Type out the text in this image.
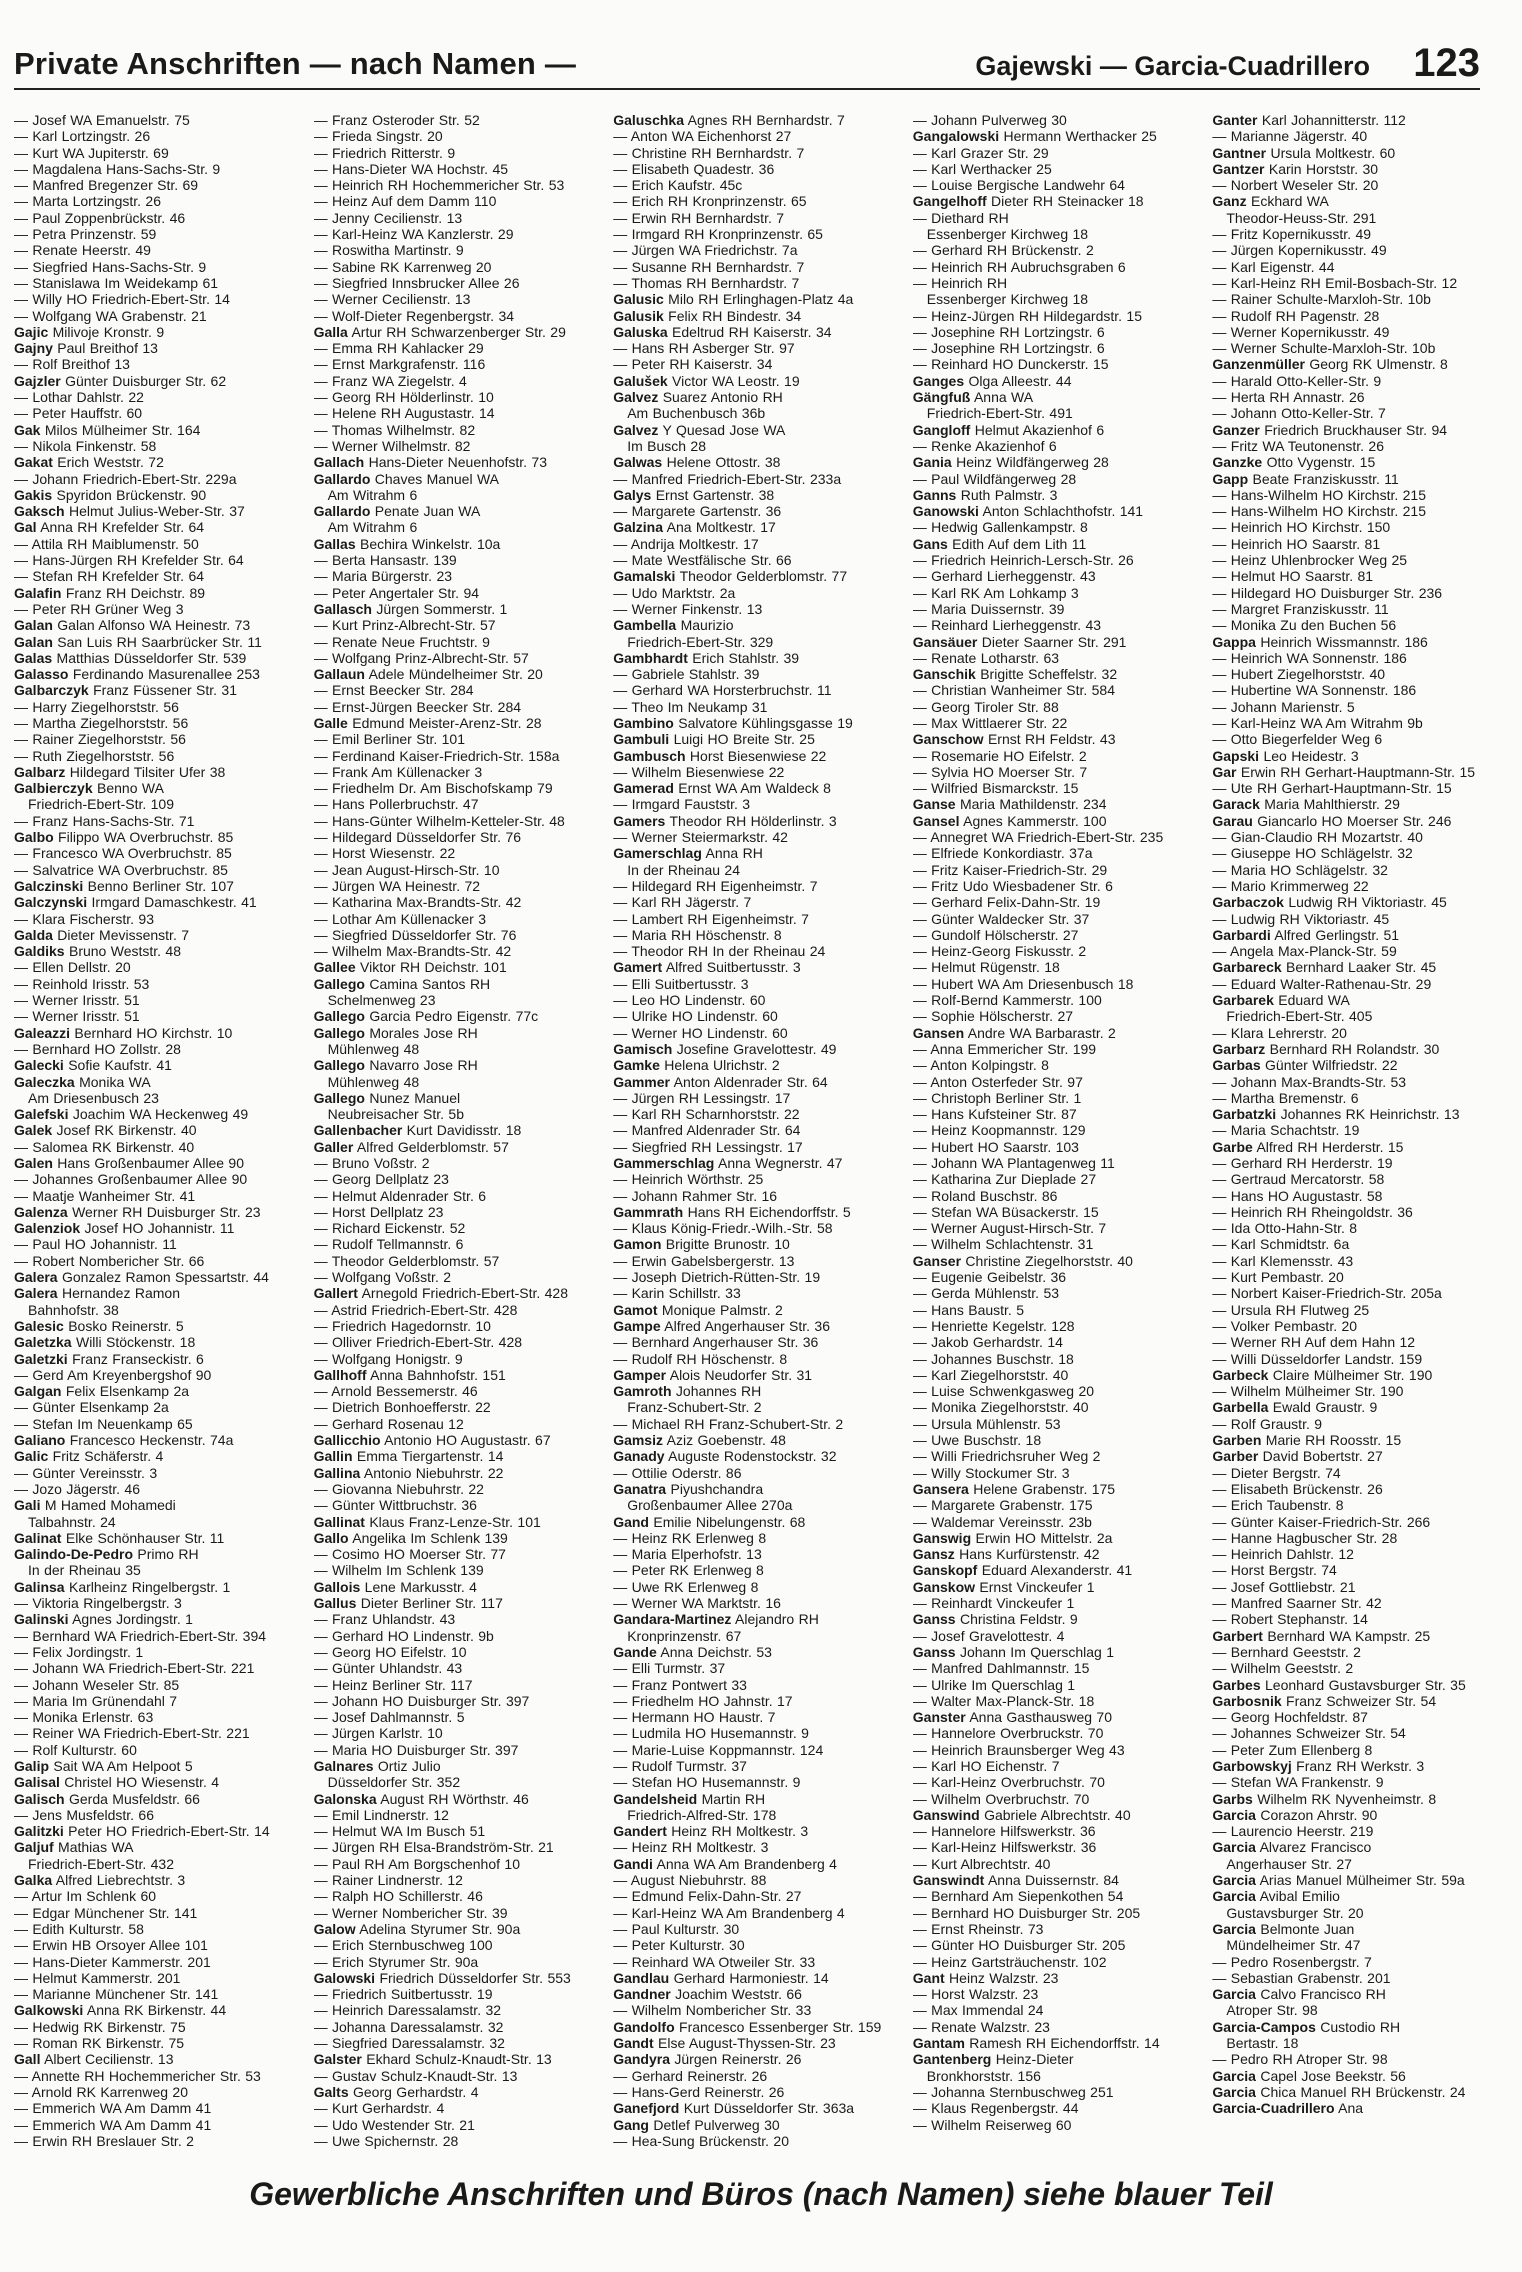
Private Anschriften — nach Namen —	Gajewski — Garcia-Cuadrillero 123
— Josef WA Emanuelstr. 75
— Karl Lortzingstr. 26
— Kurt WA Jupiterstr. 69
— Magdalena Hans-Sachs-Str. 9
— Manfred Bregenzer Str. 69
— Marta Lortzingstr. 26
— Paul Zoppenbrückstr. 46
— Petra Prinzenstr. 59
— Renate Heerstr. 49
— Siegfried Hans-Sachs-Str. 9
— Stanislawa Im Weidekamp 61
— Willy HO Friedrich-Ebert-Str. 14
— Wolfgang WA Grabenstr. 21
Gajic Milivoje Kronstr. 9
Gajny Paul Breithof 13
— Rolf Breithof 13
Gajzler Günter Duisburger Str. 62
— Lothar Dahlstr. 22
— Peter Hauffstr. 60
Gak Milos Mülheimer Str. 164
— Nikola Finkenstr. 58
Gakat Erich Weststr. 72
— Johann Friedrich-Ebert-Str. 229a
Gakis Spyridon Brückenstr. 90
Gaksch Helmut Julius-Weber-Str. 37
Gal Anna RH Krefelder Str. 64
— Attila RH Maiblumenstr. 50
— Hans-Jürgen RH Krefelder Str. 64
— Stefan RH Krefelder Str. 64
Galafin Franz RH Deichstr. 89
— Peter RH Grüner Weg 3
Galan Galan Alfonso WA Heinestr. 73
Galan San Luis RH Saarbrücker Str. 11
Galas Matthias Düsseldorfer Str. 539
Galasso Ferdinando Masurenallee 253
Galbarczyk Franz Füssener Str. 31
— Harry Ziegelhorststr. 56
— Martha Ziegelhorststr. 56
— Rainer Ziegelhorststr. 56
— Ruth Ziegelhorststr. 56
Galbarz Hildegard Tilsiter Ufer 38
Galbierczyk Benno WA
Friedrich-Ebert-Str. 109
— Franz Hans-Sachs-Str. 71
Galbo Filippo WA Overbruchstr. 85
— Francesco WA Overbruchstr. 85
— Salvatrice WA Overbruchstr. 85
Galczinski Benno Berliner Str. 107
Galczynski Irmgard Damaschkestr. 41
— Klara Fischerstr. 93
Galda Dieter Mevissenstr. 7
Galdiks Bruno Weststr. 48
— Ellen Dellstr. 20
— Reinhold Irisstr. 53
— Werner Irisstr. 51
— Werner Irisstr. 51
Galeazzi Bernhard HO Kirchstr. 10
— Bernhard HO Zollstr. 28
Galecki Sofie Kaufstr. 41
Galeczka Monika WA
Am Driesenbusch 23
Galefski Joachim WA Heckenweg 49
Galek Josef RK Birkenstr. 40
— Salomea RK Birkenstr. 40
Galen Hans Großenbaumer Allee 90
— Johannes Großenbaumer Allee 90
— Maatje Wanheimer Str. 41
Galenza Werner RH Duisburger Str. 23
Galenziok Josef HO Johannistr. 11
— Paul HO Johannistr. 11
— Robert Nombericher Str. 66
Galera Gonzalez Ramon Spessartstr. 44
Galera Hernandez Ramon
Bahnhofstr. 38
Galesic Bosko Reinerstr. 5
Galetzka Willi Stöckenstr. 18
Galetzki Franz Franseckistr. 6
— Gerd Am Kreyenbergshof 90
Galgan Felix Elsenkamp 2a
— Günter Elsenkamp 2a
— Stefan Im Neuenkamp 65
Galiano Francesco Heckenstr. 74a
Galic Fritz Schäferstr. 4
— Günter Vereinsstr. 3
— Jozo Jägerstr. 46
Gali M Hamed Mohamedi
Talbahnstr. 24
Galinat Elke Schönhauser Str. 11
Galindo-De-Pedro Primo RH
In der Rheinau 35
Galinsa Karlheinz Ringelbergstr. 1
— Viktoria Ringelbergstr. 3
Galinski Agnes Jordingstr. 1
— Bernhard WA Friedrich-Ebert-Str. 394
— Felix Jordingstr. 1
— Johann WA Friedrich-Ebert-Str. 221
— Johann Weseler Str. 85
— Maria Im Grünendahl 7
— Monika Erlenstr. 63
— Reiner WA Friedrich-Ebert-Str. 221
— Rolf Kulturstr. 60
Galip Sait WA Am Helpoot 5
Galisal Christel HO Wiesenstr. 4
Galisch Gerda Musfeldstr. 66
— Jens Musfeldstr. 66
Galitzki Peter HO Friedrich-Ebert-Str. 14
Galjuf Mathias WA
Friedrich-Ebert-Str. 432
Galka Alfred Liebrechtstr. 3
— Artur Im Schlenk 60
— Edgar Münchener Str. 141
— Edith Kulturstr. 58
— Erwin HB Orsoyer Allee 101
— Hans-Dieter Kammerstr. 201
— Helmut Kammerstr. 201
— Marianne Münchener Str. 141
Galkowski Anna RK Birkenstr. 44
— Hedwig RK Birkenstr. 75
— Roman RK Birkenstr. 75
Gall Albert Cecilienstr. 13
— Annette RH Hochemmericher Str. 53
— Arnold RK Karrenweg 20
— Emmerich WA Am Damm 41
— Emmerich WA Am Damm 41
— Erwin RH Breslauer Str. 2
— Franz Osteroder Str. 52
— Frieda Singstr. 20
— Friedrich Ritterstr. 9
— Hans-Dieter WA Hochstr. 45
— Heinrich RH Hochemmericher Str. 53
— Heinz Auf dem Damm 110
— Jenny Cecilienstr. 13
— Karl-Heinz WA Kanzlerstr. 29
— Roswitha Martinstr. 9
— Sabine RK Karrenweg 20
— Siegfried Innsbrucker Allee 26
— Werner Cecilienstr. 13
— Wolf-Dieter Regenbergstr. 34
Galla Artur RH Schwarzenberger Str. 29
— Emma RH Kahlacker 29
— Ernst Markgrafenstr. 116
— Franz WA Ziegelstr. 4
— Georg RH Hölderlinstr. 10
— Helene RH Augustastr. 14
— Thomas Wilhelmstr. 82
— Werner Wilhelmstr. 82
Gallach Hans-Dieter Neuenhofstr. 73
Gallardo Chaves Manuel WA
Am Witrahm 6
Gallardo Penate Juan WA
Am Witrahm 6
Gallas Bechira Winkelstr. 10a
— Berta Hansastr. 139
— Maria Bürgerstr. 23
— Peter Angertaler Str. 94
Gallasch Jürgen Sommerstr. 1
— Kurt Prinz-Albrecht-Str. 57
— Renate Neue Fruchtstr. 9
— Wolfgang Prinz-Albrecht-Str. 57
Gallaun Adele Mündelheimer Str. 20
— Ernst Beecker Str. 284
— Ernst-Jürgen Beecker Str. 284
Galle Edmund Meister-Arenz-Str. 28
— Emil Berliner Str. 101
— Ferdinand Kaiser-Friedrich-Str. 158a
— Frank Am Küllenacker 3
— Friedhelm Dr. Am Bischofskamp 79
— Hans Pollerbruchstr. 47
— Hans-Günter Wilhelm-Ketteler-Str. 48
— Hildegard Düsseldorfer Str. 76
— Horst Wiesenstr. 22
— Jean August-Hirsch-Str. 10
— Jürgen WA Heinestr. 72
— Katharina Max-Brandts-Str. 42
— Lothar Am Küllenacker 3
— Siegfried Düsseldorfer Str. 76
— Wilhelm Max-Brandts-Str. 42
Gallee Viktor RH Deichstr. 101
Gallego Camina Santos RH
Schelmenweg 23
Gallego Garcia Pedro Eigenstr. 77c
Gallego Morales Jose RH
Mühlenweg 48
Gallego Navarro Jose RH
Mühlenweg 48
Gallego Nunez Manuel
Neubreisacher Str. 5b
Gallenbacher Kurt Davidisstr. 18
Galler Alfred Gelderblomstr. 57
— Bruno Voßstr. 2
— Georg Dellplatz 23
— Helmut Aldenrader Str. 6
— Horst Dellplatz 23
— Richard Eickenstr. 52
— Rudolf Tellmannstr. 6
— Theodor Gelderblomstr. 57
— Wolfgang Voßstr. 2
Gallert Arnegold Friedrich-Ebert-Str. 428
— Astrid Friedrich-Ebert-Str. 428
— Friedrich Hagedornstr. 10
— Olliver Friedrich-Ebert-Str. 428
— Wolfgang Honigstr. 9
Gallhoff Anna Bahnhofstr. 151
— Arnold Bessemerstr. 46
— Dietrich Bonhoefferstr. 22
— Gerhard Rosenau 12
Gallicchio Antonio HO Augustastr. 67
Gallin Emma Tiergartenstr. 14
Gallina Antonio Niebuhrstr. 22
— Giovanna Niebuhrstr. 22
— Günter Wittbruchstr. 36
Gallinat Klaus Franz-Lenze-Str. 101
Gallo Angelika Im Schlenk 139
— Cosimo HO Moerser Str. 77
— Wilhelm Im Schlenk 139
Gallois Lene Markusstr. 4
Gallus Dieter Berliner Str. 117
— Franz Uhlandstr. 43
— Gerhard HO Lindenstr. 9b
— Georg HO Eifelstr. 10
— Günter Uhlandstr. 43
— Heinz Berliner Str. 117
— Johann HO Duisburger Str. 397
— Josef Dahlmannstr. 5
— Jürgen Karlstr. 10
— Maria HO Duisburger Str. 397
Galnares Ortiz Julio
Düsseldorfer Str. 352
Galonska August RH Wörthstr. 46
— Emil Lindnerstr. 12
— Helmut WA Im Busch 51
— Jürgen RH Elsa-Brandström-Str. 21
— Paul RH Am Borgschenhof 10
— Rainer Lindnerstr. 12
— Ralph HO Schillerstr. 46
— Werner Nombericher Str. 39
Galow Adelina Styrumer Str. 90a
— Erich Sternbuschweg 100
— Erich Styrumer Str. 90a
Galowski Friedrich Düsseldorfer Str. 553
— Friedrich Suitbertusstr. 19
— Heinrich Daressalamstr. 32
— Johanna Daressalamstr. 32
— Siegfried Daressalamstr. 32
Galster Ekhard Schulz-Knaudt-Str. 13
— Gustav Schulz-Knaudt-Str. 13
Galts Georg Gerhardstr. 4
— Kurt Gerhardstr. 4
— Udo Westender Str. 21
— Uwe Spichernstr. 28
Galuschka Agnes RH Bernhardstr. 7
— Anton WA Eichenhorst 27
— Christine RH Bernhardstr. 7
— Elisabeth Quadestr. 36
— Erich Kaufstr. 45c
— Erich RH Kronprinzenstr. 65
— Erwin RH Bernhardstr. 7
— Irmgard RH Kronprinzenstr. 65
— Jürgen WA Friedrichstr. 7a
— Susanne RH Bernhardstr. 7
— Thomas RH Bernhardstr. 7
Galusic Milo RH Erlinghagen-Platz 4a
Galusik Felix RH Bindestr. 34
Galuska Edeltrud RH Kaiserstr. 34
— Hans RH Asberger Str. 97
— Peter RH Kaiserstr. 34
Galušek Victor WA Leostr. 19
Galvez Suarez Antonio RH
Am Buchenbusch 36b
Galvez Y Quesad Jose WA
Im Busch 28
Galwas Helene Ottostr. 38
— Manfred Friedrich-Ebert-Str. 233a
Galys Ernst Gartenstr. 38
— Margarete Gartenstr. 36
Galzina Ana Moltkestr. 17
— Andrija Moltkestr. 17
— Mate Westfälische Str. 66
Gamalski Theodor Gelderblomstr. 77
— Udo Marktstr. 2a
— Werner Finkenstr. 13
Gambella Maurizio
Friedrich-Ebert-Str. 329
Gambhardt Erich Stahlstr. 39
— Gabriele Stahlstr. 39
— Gerhard WA Horsterbruchstr. 11
— Theo Im Neukamp 31
Gambino Salvatore Kühlingsgasse 19
Gambuli Luigi HO Breite Str. 25
Gambusch Horst Biesenwiese 22
— Wilhelm Biesenwiese 22
Gamerad Ernst WA Am Waldeck 8
— Irmgard Fauststr. 3
Gamers Theodor RH Hölderlinstr. 3
— Werner Steiermarkstr. 42
Gamerschlag Anna RH
In der Rheinau 24
— Hildegard RH Eigenheimstr. 7
— Karl RH Jägerstr. 7
— Lambert RH Eigenheimstr. 7
— Maria RH Höschenstr. 8
— Theodor RH In der Rheinau 24
Gamert Alfred Suitbertusstr. 3
— Elli Suitbertusstr. 3
— Leo HO Lindenstr. 60
— Ulrike HO Lindenstr. 60
— Werner HO Lindenstr. 60
Gamisch Josefine Gravelottestr. 49
Gamke Helena Ulrichstr. 2
Gammer Anton Aldenrader Str. 64
— Jürgen RH Lessingstr. 17
— Karl RH Scharnhorststr. 22
— Manfred Aldenrader Str. 64
— Siegfried RH Lessingstr. 17
Gammerschlag Anna Wegnerstr. 47
— Heinrich Wörthstr. 25
— Johann Rahmer Str. 16
Gammrath Hans RH Eichendorffstr. 5
— Klaus König-Friedr.-Wilh.-Str. 58
Gamon Brigitte Brunostr. 10
— Erwin Gabelsbergerstr. 13
— Joseph Dietrich-Rütten-Str. 19
— Karin Schillstr. 33
Gamot Monique Palmstr. 2
Gampe Alfred Angerhauser Str. 36
— Bernhard Angerhauser Str. 36
— Rudolf RH Höschenstr. 8
Gamper Alois Neudorfer Str. 31
Gamroth Johannes RH
Franz-Schubert-Str. 2
— Michael RH Franz-Schubert-Str. 2
Gamsiz Aziz Goebenstr. 48
Ganady Auguste Rodenstockstr. 32
— Ottilie Oderstr. 86
Ganatra Piyushchandra
Großenbaumer Allee 270a
Gand Emilie Nibelungenstr. 68
— Heinz RK Erlenweg 8
— Maria Elperhofstr. 13
— Peter RK Erlenweg 8
— Uwe RK Erlenweg 8
— Werner WA Marktstr. 16
Gandara-Martinez Alejandro RH
Kronprinzenstr. 67
Gande Anna Deichstr. 53
— Elli Turmstr. 37
— Franz Pontwert 33
— Friedhelm HO Jahnstr. 17
— Hermann HO Haustr. 7
— Ludmila HO Husemannstr. 9
— Marie-Luise Koppmannstr. 124
— Rudolf Turmstr. 37
— Stefan HO Husemannstr. 9
Gandelsheid Martin RH
Friedrich-Alfred-Str. 178
Gandert Heinz RH Moltkestr. 3
— Heinz RH Moltkestr. 3
Gandi Anna WA Am Brandenberg 4
— August Niebuhrstr. 88
— Edmund Felix-Dahn-Str. 27
— Karl-Heinz WA Am Brandenberg 4
— Paul Kulturstr. 30
— Peter Kulturstr. 30
— Reinhard WA Otweiler Str. 33
Gandlau Gerhard Harmoniestr. 14
Gandner Joachim Weststr. 66
— Wilhelm Nombericher Str. 33
Gandolfo Francesco Essenberger Str. 159
Gandt Else August-Thyssen-Str. 23
Gandyra Jürgen Reinerstr. 26
— Gerhard Reinerstr. 26
— Hans-Gerd Reinerstr. 26
Ganefjord Kurt Düsseldorfer Str. 363a
Gang Detlef Pulverweg 30
— Hea-Sung Brückenstr. 20
— Johann Pulverweg 30
Gangalowski Hermann Werthacker 25
— Karl Grazer Str. 29
— Karl Werthacker 25
— Louise Bergische Landwehr 64
Gangelhoff Dieter RH Steinacker 18
— Diethard RH
Essenberger Kirchweg 18
— Gerhard RH Brückenstr. 2
— Heinrich RH Aubruchsgraben 6
— Heinrich RH
Essenberger Kirchweg 18
— Heinz-Jürgen RH Hildegardstr. 15
— Josephine RH Lortzingstr. 6
— Josephine RH Lortzingstr. 6
— Reinhard HO Dunckerstr. 15
Ganges Olga Alleestr. 44
Gängfuß Anna WA
Friedrich-Ebert-Str. 491
Gangloff Helmut Akazienhof 6
— Renke Akazienhof 6
Gania Heinz Wildfängerweg 28
— Paul Wildfängerweg 28
Ganns Ruth Palmstr. 3
Ganowski Anton Schlachthofstr. 141
— Hedwig Gallenkampstr. 8
Gans Edith Auf dem Lith 11
— Friedrich Heinrich-Lersch-Str. 26
— Gerhard Lierheggenstr. 43
— Karl RK Am Lohkamp 3
— Maria Duissernstr. 39
— Reinhard Lierheggenstr. 43
Gansäuer Dieter Saarner Str. 291
— Renate Lotharstr. 63
Ganschik Brigitte Scheffelstr. 32
— Christian Wanheimer Str. 584
— Georg Tiroler Str. 88
— Max Wittlaerer Str. 22
Ganschow Ernst RH Feldstr. 43
— Rosemarie HO Eifelstr. 2
— Sylvia HO Moerser Str. 7
— Wilfried Bismarckstr. 15
Ganse Maria Mathildenstr. 234
Gansel Agnes Kammerstr. 100
— Annegret WA Friedrich-Ebert-Str. 235
— Elfriede Konkordiastr. 37a
— Fritz Kaiser-Friedrich-Str. 29
— Fritz Udo Wiesbadener Str. 6
— Gerhard Felix-Dahn-Str. 19
— Günter Waldecker Str. 37
— Gundolf Hölscherstr. 27
— Heinz-Georg Fiskusstr. 2
— Helmut Rügenstr. 18
— Hubert WA Am Driesenbusch 18
— Rolf-Bernd Kammerstr. 100
— Sophie Hölscherstr. 27
Gansen Andre WA Barbarastr. 2
— Anna Emmericher Str. 199
— Anton Kolpingstr. 8
— Anton Osterfeder Str. 97
— Christoph Berliner Str. 1
— Hans Kufsteiner Str. 87
— Heinz Koopmannstr. 129
— Hubert HO Saarstr. 103
— Johann WA Plantagenweg 11
— Katharina Zur Dieplade 27
— Roland Buschstr. 86
— Stefan WA Büsackerstr. 15
— Werner August-Hirsch-Str. 7
— Wilhelm Schlachtenstr. 31
Ganser Christine Ziegelhorststr. 40
— Eugenie Geibelstr. 36
— Gerda Mühlenstr. 53
— Hans Baustr. 5
— Henriette Kegelstr. 128
— Jakob Gerhardstr. 14
— Johannes Buschstr. 18
— Karl Ziegelhorststr. 40
— Luise Schwenkgasweg 20
— Monika Ziegelhorststr. 40
— Ursula Mühlenstr. 53
— Uwe Buschstr. 18
— Willi Friedrichsruher Weg 2
— Willy Stockumer Str. 3
Gansera Helene Grabenstr. 175
— Margarete Grabenstr. 175
— Waldemar Vereinsstr. 23b
Ganswig Erwin HO Mittelstr. 2a
Gansz Hans Kurfürstenstr. 42
Ganskopf Eduard Alexanderstr. 41
Ganskow Ernst Vinckeufer 1
— Reinhardt Vinckeufer 1
Ganss Christina Feldstr. 9
— Josef Gravelottestr. 4
Ganss Johann Im Querschlag 1
— Manfred Dahlmannstr. 15
— Ulrike Im Querschlag 1
— Walter Max-Planck-Str. 18
Ganster Anna Gasthausweg 70
— Hannelore Overbruckstr. 70
— Heinrich Braunsberger Weg 43
— Karl HO Eichenstr. 7
— Karl-Heinz Overbruchstr. 70
— Wilhelm Overbruchstr. 70
Ganswind Gabriele Albrechtstr. 40
— Hannelore Hilfswerkstr. 36
— Karl-Heinz Hilfswerkstr. 36
— Kurt Albrechtstr. 40
Ganswindt Anna Duissernstr. 84
— Bernhard Am Siepenkothen 54
— Bernhard HO Duisburger Str. 205
— Ernst Rheinstr. 73
— Günter HO Duisburger Str. 205
— Heinz Gartsträuchenstr. 102
Gant Heinz Walzstr. 23
— Horst Walzstr. 23
— Max Immendal 24
— Renate Walzstr. 23
Gantam Ramesh RH Eichendorffstr. 14
Gantenberg Heinz-Dieter
Bronkhorststr. 156
— Johanna Sternbuschweg 251
— Klaus Regenbergstr. 44
— Wilhelm Reiserweg 60
Ganter Karl Johannitterstr. 112
— Marianne Jägerstr. 40
Gantner Ursula Moltkestr. 60
Gantzer Karin Horststr. 30
— Norbert Weseler Str. 20
Ganz Eckhard WA
Theodor-Heuss-Str. 291
— Fritz Kopernikusstr. 49
— Jürgen Kopernikusstr. 49
— Karl Eigenstr. 44
— Karl-Heinz RH Emil-Bosbach-Str. 12
— Rainer Schulte-Marxloh-Str. 10b
— Rudolf RH Pagenstr. 28
— Werner Kopernikusstr. 49
— Werner Schulte-Marxloh-Str. 10b
Ganzenmüller Georg RK Ulmenstr. 8
— Harald Otto-Keller-Str. 9
— Herta RH Annastr. 26
— Johann Otto-Keller-Str. 7
Ganzer Friedrich Bruckhauser Str. 94
— Fritz WA Teutonenstr. 26
Ganzke Otto Vygenstr. 15
Gapp Beate Franziskusstr. 11
— Hans-Wilhelm HO Kirchstr. 215
— Hans-Wilhelm HO Kirchstr. 215
— Heinrich HO Kirchstr. 150
— Heinrich HO Saarstr. 81
— Heinz Uhlenbrocker Weg 25
— Helmut HO Saarstr. 81
— Hildegard HO Duisburger Str. 236
— Margret Franziskusstr. 11
— Monika Zu den Buchen 56
Gappa Heinrich Wissmannstr. 186
— Heinrich WA Sonnenstr. 186
— Hubert Ziegelhorststr. 40
— Hubertine WA Sonnenstr. 186
— Johann Marienstr. 5
— Karl-Heinz WA Am Witrahm 9b
— Otto Biegerfelder Weg 6
Gapski Leo Heidestr. 3
Gar Erwin RH Gerhart-Hauptmann-Str. 15
— Ute RH Gerhart-Hauptmann-Str. 15
Garack Maria Mahlthierstr. 29
Garau Giancarlo HO Moerser Str. 246
— Gian-Claudio RH Mozartstr. 40
— Giuseppe HO Schlägelstr. 32
— Maria HO Schlägelstr. 32
— Mario Krimmerweg 22
Garbaczok Ludwig RH Viktoriastr. 45
— Ludwig RH Viktoriastr. 45
Garbardi Alfred Gerlingstr. 51
— Angela Max-Planck-Str. 59
Garbareck Bernhard Laaker Str. 45
— Eduard Walter-Rathenau-Str. 29
Garbarek Eduard WA
Friedrich-Ebert-Str. 405
— Klara Lehrerstr. 20
Garbarz Bernhard RH Rolandstr. 30
Garbas Günter Wilfriedstr. 22
— Johann Max-Brandts-Str. 53
— Martha Bremenstr. 6
Garbatzki Johannes RK Heinrichstr. 13
— Maria Schachtstr. 19
Garbe Alfred RH Herderstr. 15
— Gerhard RH Herderstr. 19
— Gertraud Mercatorstr. 58
— Hans HO Augustastr. 58
— Heinrich RH Rheingoldstr. 36
— Ida Otto-Hahn-Str. 8
— Karl Schmidtstr. 6a
— Karl Klemensstr. 43
— Kurt Pembastr. 20
— Norbert Kaiser-Friedrich-Str. 205a
— Ursula RH Flutweg 25
— Volker Pembastr. 20
— Werner RH Auf dem Hahn 12
— Willi Düsseldorfer Landstr. 159
Garbeck Claire Mülheimer Str. 190
— Wilhelm Mülheimer Str. 190
Garbella Ewald Graustr. 9
— Rolf Graustr. 9
Garben Marie RH Roosstr. 15
Garber David Bobertstr. 27
— Dieter Bergstr. 74
— Elisabeth Brückenstr. 26
— Erich Taubenstr. 8
— Günter Kaiser-Friedrich-Str. 266
— Hanne Hagbuscher Str. 28
— Heinrich Dahlstr. 12
— Horst Bergstr. 74
— Josef Gottliebstr. 21
— Manfred Saarner Str. 42
— Robert Stephanstr. 14
Garbert Bernhard WA Kampstr. 25
— Bernhard Geeststr. 2
— Wilhelm Geeststr. 2
Garbes Leonhard Gustavsburger Str. 35
Garbosnik Franz Schweizer Str. 54
— Georg Hochfeldstr. 87
— Johannes Schweizer Str. 54
— Peter Zum Ellenberg 8
Garbowskyj Franz RH Werkstr. 3
— Stefan WA Frankenstr. 9
Garbs Wilhelm RK Nyvenheimstr. 8
Garcia Corazon Ahrstr. 90
— Laurencio Heerstr. 219
Garcia Alvarez Francisco
Angerhauser Str. 27
Garcia Arias Manuel Mülheimer Str. 59a
Garcia Avibal Emilio
Gustavsburger Str. 20
Garcia Belmonte Juan
Mündelheimer Str. 47
— Pedro Rosenbergstr. 7
— Sebastian Grabenstr. 201
Garcia Calvo Francisco RH
Atroper Str. 98
Garcia-Campos Custodio RH
Bertastr. 18
— Pedro RH Atroper Str. 98
Garcia Capel Jose Beekstr. 56
Garcia Chica Manuel RH Brückenstr. 24
Garcia-Cuadrillero Ana
Gewerbliche Anschriften und Büros (nach Namen) siehe blauer Teil
